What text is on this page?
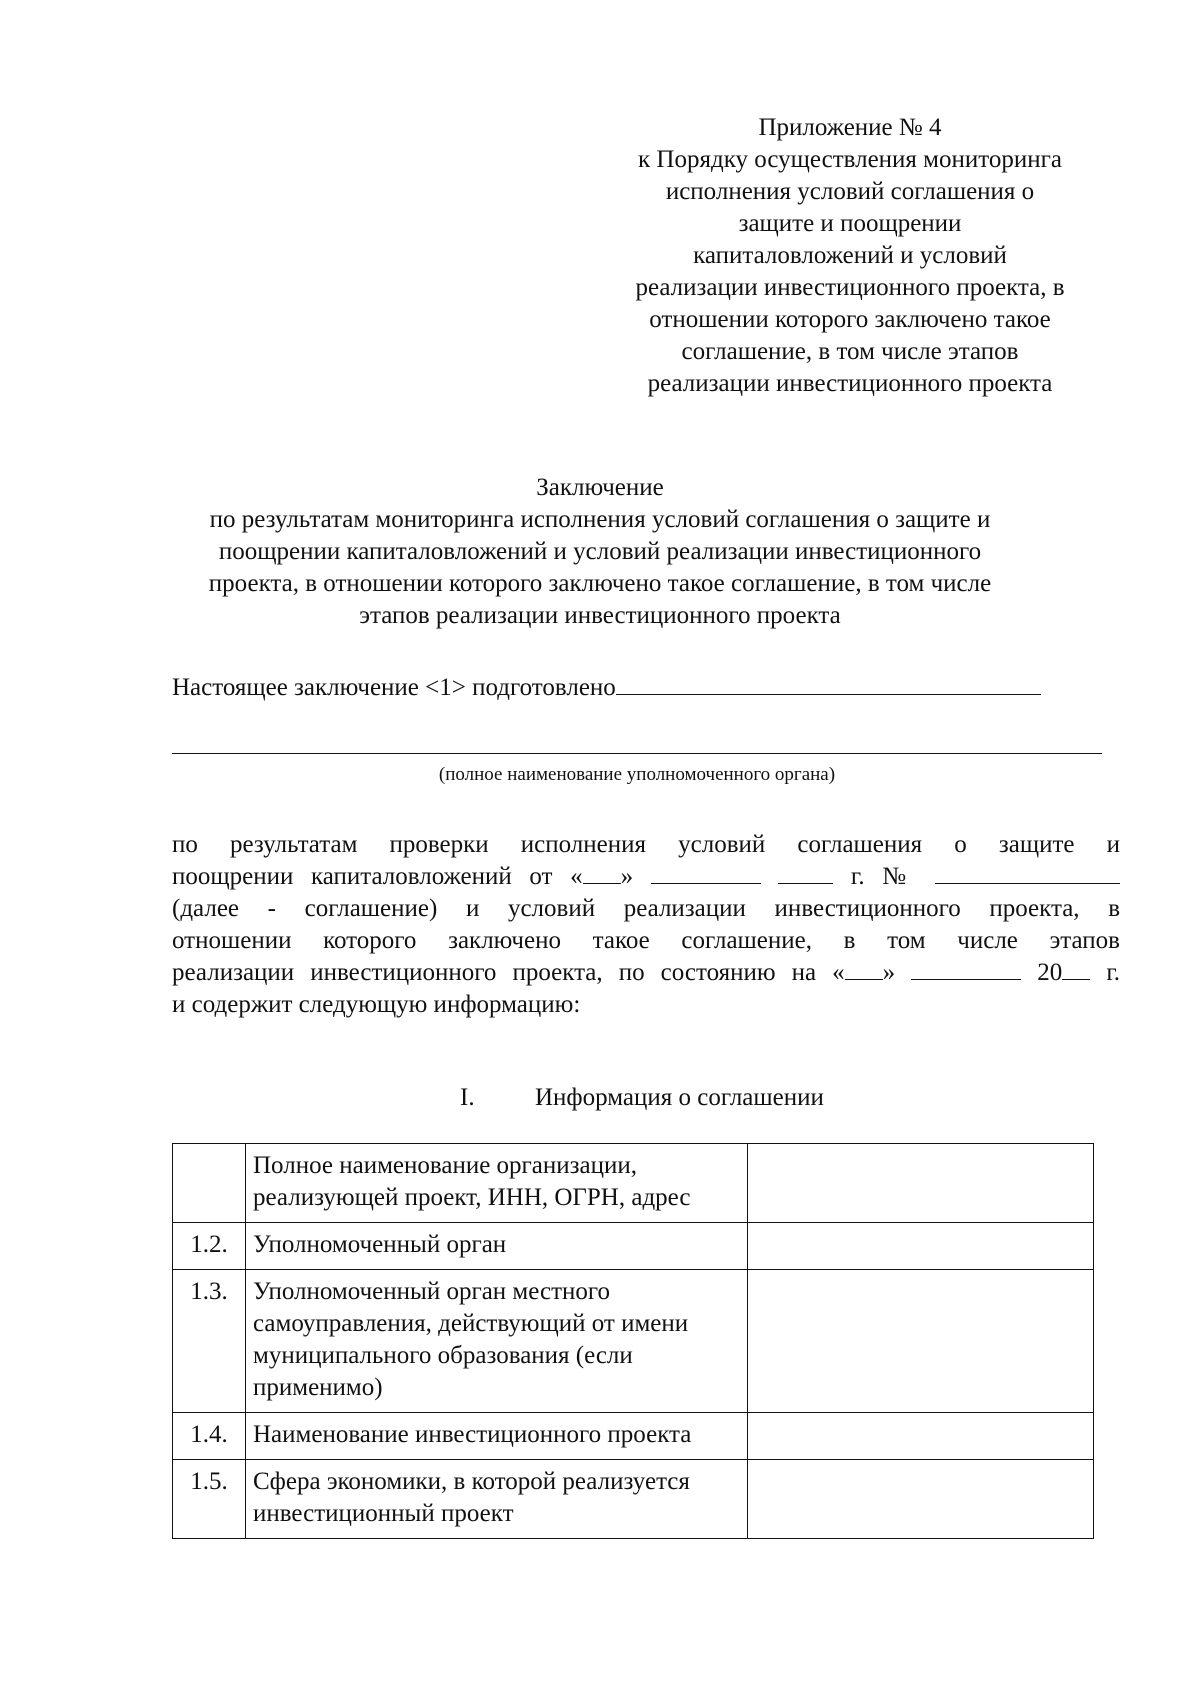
Приложение № 4
к Порядку осуществления мониторинга
исполнения условий соглашения о
защите и поощрении
капиталовложений и условий
реализации инвестиционного проекта, в
отношении которого заключено такое
соглашение, в том числе этапов
реализации инвестиционного проекта
Заключение
по результатам мониторинга исполнения условий соглашения о защите и
поощрении капиталовложений и условий реализации инвестиционного
проекта, в отношении которого заключено такое соглашение, в том числе
этапов реализации инвестиционного проекта
Настоящее заключение <1> подготовлено
(полное наименование уполномоченного органа)
по результатам проверки исполнения условий соглашения о защите и
поощрении капиталовложений от « »	г. №
(далее - соглашение) и условий реализации инвестиционного проекта, в
отношении которого заключено такое соглашение, в том числе этапов
реализации инвестиционного проекта, по состоянию на « »	20 г.
и содержит следующую информацию:
I. Информация о соглашении
	Полное наименование организации, реализующей проект, ИНН, ОГРН, адрес	
1.2.	Уполномоченный орган	
1.3.	Уполномоченный орган местного самоуправления, действующий от имени муниципального образования (если применимо)	
1.4.	Наименование инвестиционного проекта	
1.5.	Сфера экономики, в которой реализуется инвестиционный проект	
